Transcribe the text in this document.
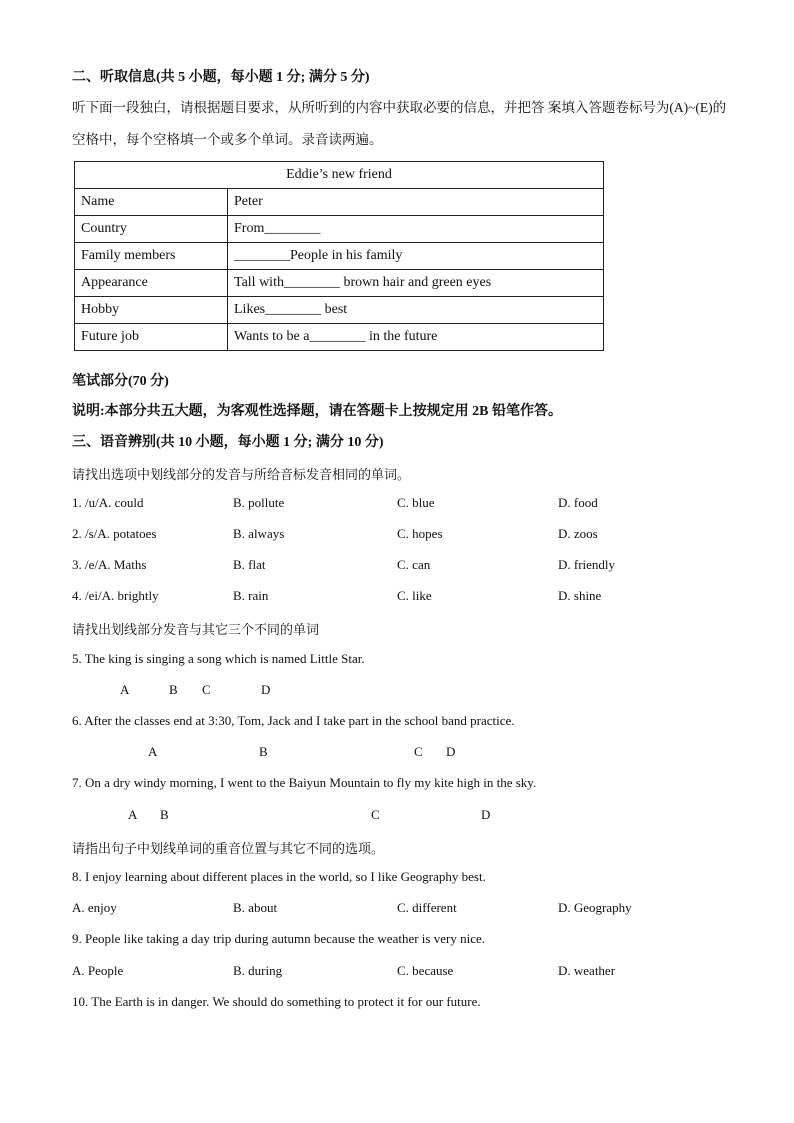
二、听取信息(共 5 小题，每小题 1 分; 满分 5 分)
听下面一段独白，请根据题目要求，从所听到的内容中获取必要的信息，并把答 案填入答题卷标号为(A)~(E)的空格中，每个空格填一个或多个单词。录音读两遍。
Eddie’s new friend	
Name	Peter
Country	From________
Family members	________People in his family
Appearance	Tall with________ brown hair and green eyes
Hobby	Likes________ best
Future job	Wants to be a________ in the future
笔试部分(70 分)
说明:本部分共五大题，为客观性选择题，请在答题卡上按规定用 2B 铅笔作答。
三、语音辨别(共 10 小题，每小题 1 分; 满分 10 分)
请找出选项中划线部分的发音与所给音标发音相同的单词。
1. /u/A. could	B. pollute	C. blue	D. food
2. /s/A. potatoes	B. always	C. hopes	D. zoos
3. /e/A. Maths	B. flat	C. can	D. friendly
4. /ei/A. brightly	B. rain	C. like	D. shine
请找出划线部分发音与其它三个不同的单词
5. The king is singing a song which is named Little Star.
A	B C	D
6. After the classes end at 3:30, Tom, Jack and I take part in the school band practice.
A	B	C D
7. On a dry windy morning, I went to the Baiyun Mountain to fly my kite high in the sky.
A B	C	D
请指出句子中划线单词的重音位置与其它不同的选项。
8. I enjoy learning about different places in the world, so I like Geography best.
A. enjoy	B. about	C. different	D. Geography
9. People like taking a day trip during autumn because the weather is very nice.
A. People	B. during	C. because	D. weather
10. The Earth is in danger. We should do something to protect it for our future.
